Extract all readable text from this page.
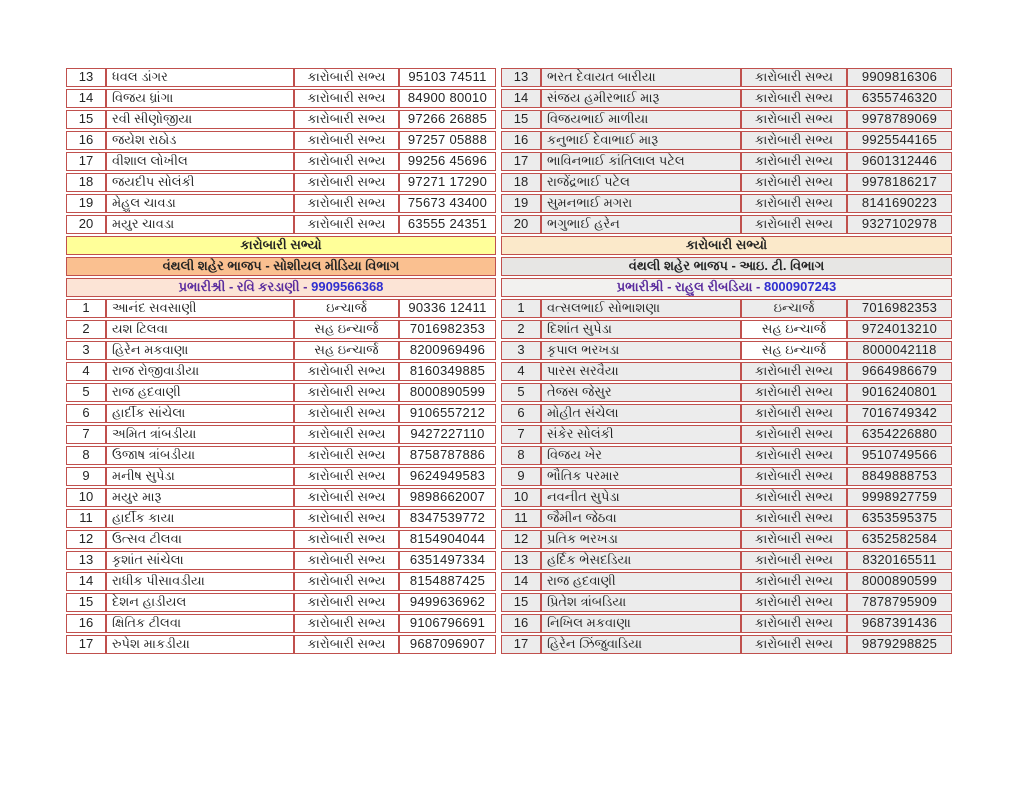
13	ધવલ ડાંગર	કારોબારી સભ્ય	95103 74511
14	વિજય ધ્રાંગા	કારોબારી સભ્ય	84900 80010
15	રવી સીણોજીયા	કારોબારી સભ્ય	97266 26885
16	જયેશ રાઠોડ	કારોબારી સભ્ય	97257 05888
17	વીશાલ લોખીલ	કારોબારી સભ્ય	99256 45696
18	જયદીપ સોલંકી	કારોબારી સભ્ય	97271 17290
19	મેહુલ ચાવડા	કારોબારી સભ્ય	75673 43400
20	મયુર ચાવડા	કારોબારી સભ્ય	63555 24351
કારોબારી સભ્યો			
વંથલી શહેર ભાજપ - સોશીયલ મીડિયા વિભાગ			
પ્રભારીશ્રી - રવિ કરડાણી - 9909566368			
1	આનંદ સવસાણી	ઇન્ચાર્જ	90336 12411
2	યશ ટિલવા	સહ ઇન્ચાર્જ	7016982353
3	હિરેન મકવાણા	સહ ઇન્ચાર્જ	8200969496
4	રાજ રોજીવાડીયા	કારોબારી સભ્ય	8160349885
5	રાજ હદવાણી	કારોબારી સભ્ય	8000890599
6	હાર્દીક સાંચેલા	કારોબારી સભ્ય	9106557212
7	અમિત ત્રાંબડીયા	કારોબારી સભ્ય	9427227110
8	ઉજાષ ત્રાંબડીયા	કારોબારી સભ્ય	8758787886
9	મનીષ સુપેડા	કારોબારી સભ્ય	9624949583
10	મયુર મારૂ	કારોબારી સભ્ય	9898662007
11	હાર્દીક કાયા	કારોબારી સભ્ય	8347539772
12	ઉત્સવ ટીલવા	કારોબારી સભ્ય	8154904044
13	કૃશાંત સાંચેલા	કારોબારી સભ્ય	6351497334
14	રાધીક પીસાવડીયા	કારોબારી સભ્ય	8154887425
15	દેશન હાડીયલ	કારોબારી સભ્ય	9499636962
16	ક્ષિતિક ટીલવા	કારોબારી સભ્ય	9106796691
17	રુપેશ માકડીયા	કારોબારી સભ્ય	9687096907
13	ભરત દેવાયત બારીયા	કારોબારી સભ્ય	9909816306
14	સંજય હમીરભાઈ મારૂ	કારોબારી સભ્ય	6355746320
15	વિજયભાઈ માળીયા	કારોબારી સભ્ય	9978789069
16	કનુભાઈ દેવાભાઈ મારૂ	કારોબારી સભ્ય	9925544165
17	ભાવિનભાઈ કાંતિલાલ પટેલ	કારોબારી સભ્ય	9601312446
18	રાજેંદ્રભાઈ પટેલ	કારોબારી સભ્ય	9978186217
19	સુમનભાઈ મગરા	કારોબારી સભ્ય	8141690223
20	ભગુભાઈ હરેન	કારોબારી સભ્ય	9327102978
કારોબારી સભ્યો			
વંથલી શહેર ભાજપ - આઇ. ટી. વિભાગ			
પ્રભારીશ્રી - રાહુલ રીબડિયા - 8000907243			
1	વત્સલભાઈ સોભાશણા	ઇન્ચાર્જ	7016982353
2	દિશાંત સુપેડા	સહ ઇન્ચાર્જ	9724013210
3	કૃપાલ ભરખડા	સહ ઇન્ચાર્જ	8000042118
4	પારસ સરવૈયા	કારોબારી સભ્ય	9664986679
5	તેજસ જેસુર	કારોબારી સભ્ય	9016240801
6	મોહીત સંચેલા	કારોબારી સભ્ય	7016749342
7	સંકેર સોલંકી	કારોબારી સભ્ય	6354226880
8	વિજય ખેર	કારોબારી સભ્ય	9510749566
9	ભૌતિક પરમાર	કારોબારી સભ્ય	8849888753
10	નવનીત સુપેડા	કારોબારી સભ્ય	9998927759
11	જૈમીન જેઠવા	કારોબારી સભ્ય	6353595375
12	પ્રતિક ભરખડા	કારોબારી સભ્ય	6352582584
13	હર્દિક ભેસદડિયા	કારોબારી સભ્ય	8320165511
14	રાજ હદવાણી	કારોબારી સભ્ય	8000890599
15	પ્રિતેશ ત્રાંબડિયા	કારોબારી સભ્ય	7878795909
16	નિખિલ મકવાણા	કારોબારી સભ્ય	9687391436
17	હિરેન ઝિંજુવાડિયા	કારોબારી સભ્ય	9879298825
